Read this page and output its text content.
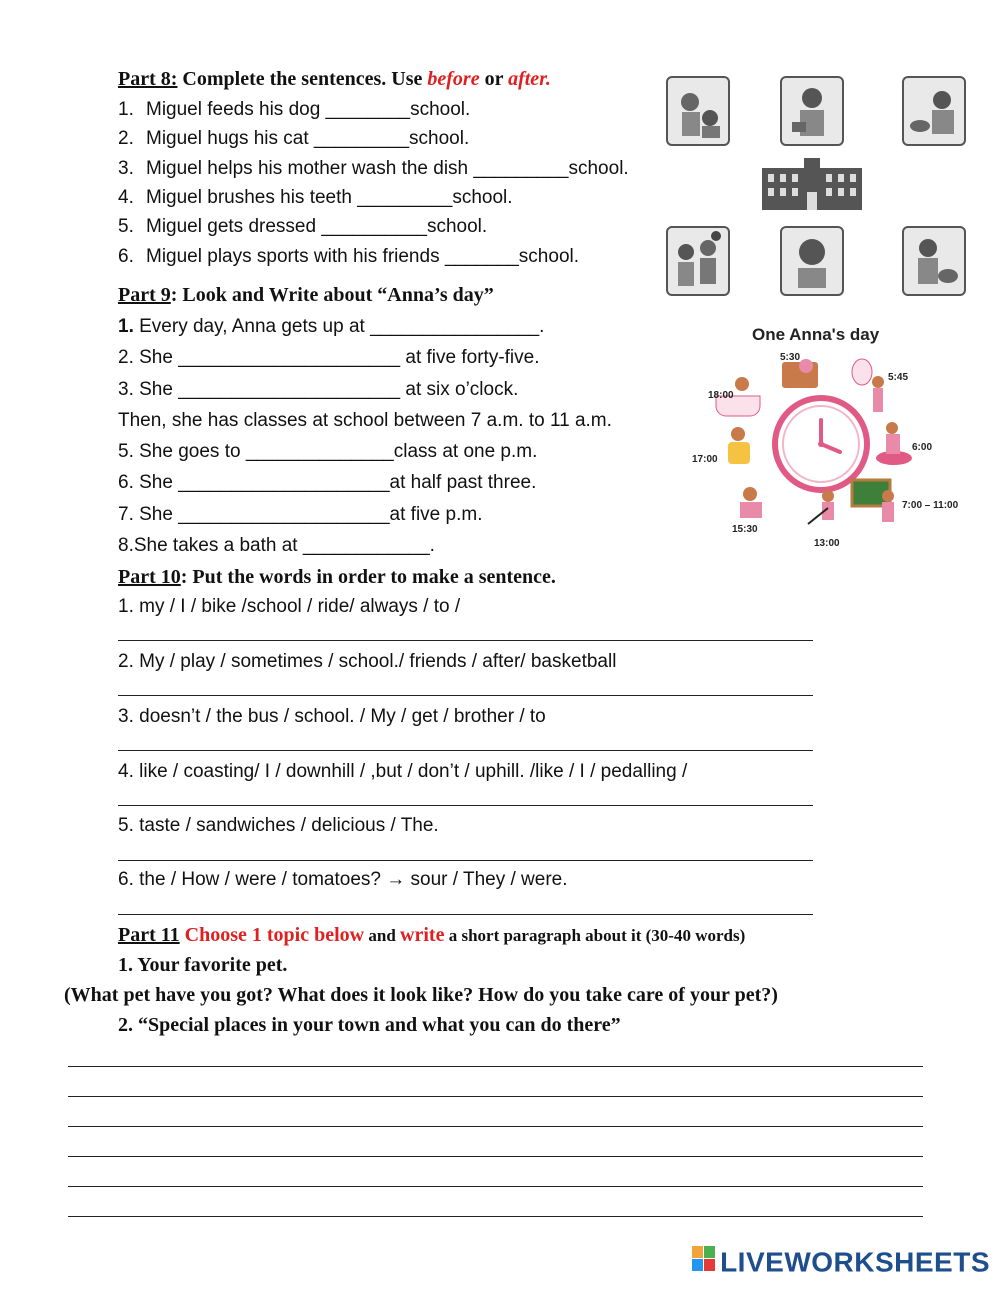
Part 8: Complete the sentences. Use before or after.
1. Miguel feeds his dog ________school.
2. Miguel hugs his cat _________school.
3. Miguel helps his mother wash the dish _________school.
4. Miguel brushes his teeth _________school.
5. Miguel gets dressed __________school.
6. Miguel plays sports with his friends _______school.
Part 9: Look and Write about “Anna’s day”
1. Every day, Anna gets up at ________________.
2. She _____________________ at five forty-five.
3. She _____________________ at six o’clock.
Then, she has classes at school between 7 a.m. to 11 a.m.
5. She goes to ______________class at one p.m.
6. She ____________________at half past three.
7. She ____________________at five p.m.
8.She takes a bath at ____________.
One Anna's day
5:30
5:45
6:00
7:00 – 11:00
13:00
15:30
17:00
18:00
Part 10: Put the words in order to make a sentence.
1. my / I / bike /school / ride/ always / to /
2. My / play / sometimes / school./ friends / after/ basketball
3. doesn’t / the bus / school. / My / get / brother / to
4. like / coasting/ I / downhill / ,but / don’t / uphill. /like / I / pedalling /
5. taste / sandwiches / delicious / The.
6. the / How / were / tomatoes? → sour / They / were.
Part 11 Choose 1 topic below and write a short paragraph about it (30-40 words)
1. Your favorite pet.
(What pet have you got? What does it look like? How do you take care of your pet?)
2. “Special places in your town and what you can do there”
LIVEWORKSHEETS
